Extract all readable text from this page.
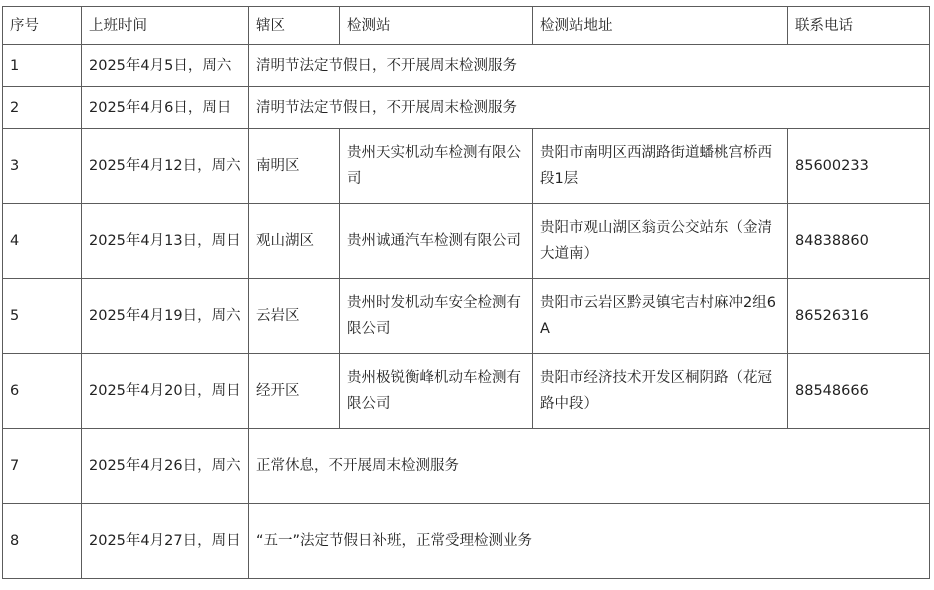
序号	上班时间	辖区	检测站	检测站地址	联系电话
1	2025年4月5日，周六	清明节法定节假日，不开展周末检测服务			
2	2025年4月6日，周日	清明节法定节假日，不开展周末检测服务			
3	2025年4月12日，周六	南明区	贵州天实机动车检测有限公司	贵阳市南明区西湖路街道蟠桃宫桥西段1层	85600233
4	2025年4月13日，周日	观山湖区	贵州诚通汽车检测有限公司	贵阳市观山湖区翁贡公交站东（金清大道南）	84838860
5	2025年4月19日，周六	云岩区	贵州时发机动车安全检测有限公司	贵阳市云岩区黔灵镇宅吉村麻冲2组6A	86526316
6	2025年4月20日，周日	经开区	贵州极锐衡峰机动车检测有限公司	贵阳市经济技术开发区桐阴路（花冠路中段）	88548666
7	2025年4月26日，周六	正常休息，不开展周末检测服务			
8	2025年4月27日，周日	“五一”法定节假日补班，正常受理检测业务			
